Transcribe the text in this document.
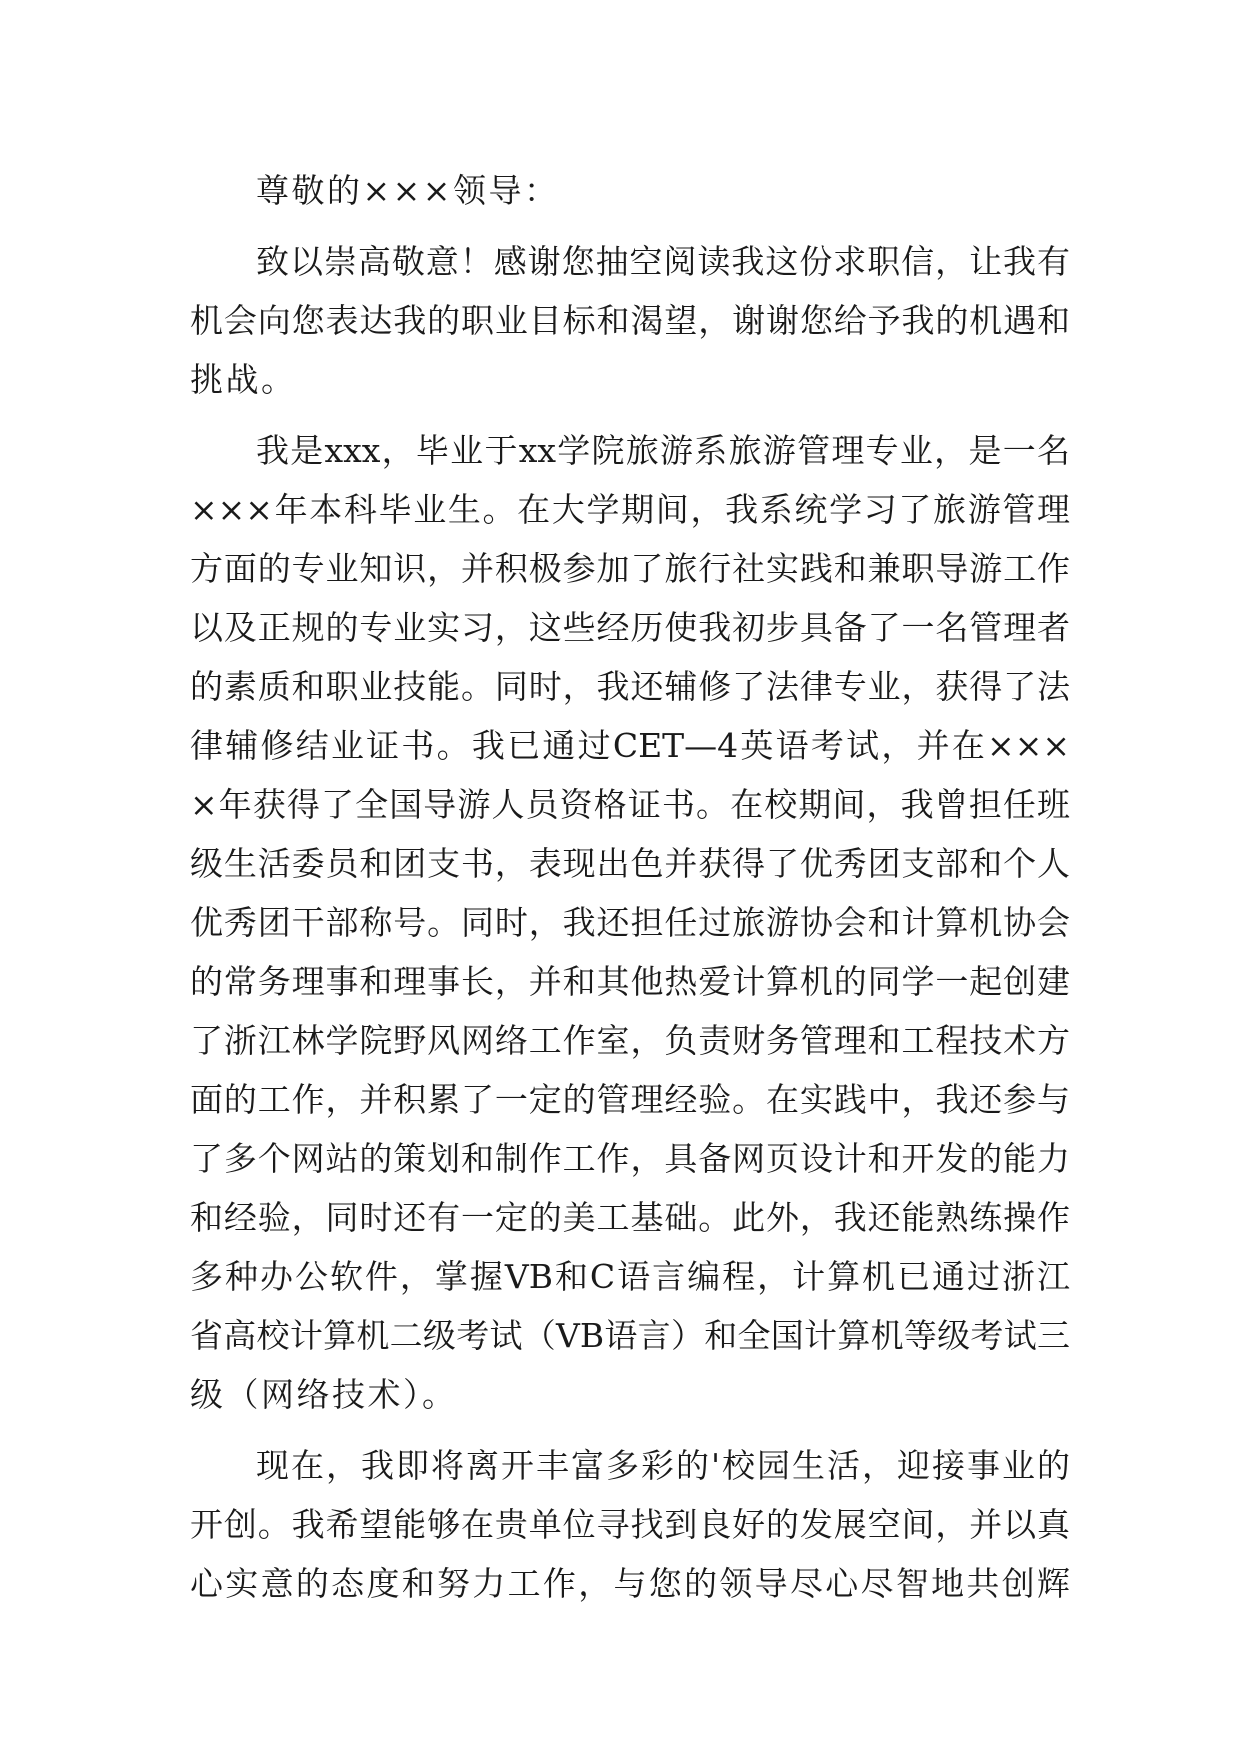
尊敬的×××领导：
致以崇高敬意！感谢您抽空阅读我这份求职信，让我有
机会向您表达我的职业目标和渴望，谢谢您给予我的机遇和
挑战。
我是xxx，毕业于xx学院旅游系旅游管理专业，是一名
×××年本科毕业生。在大学期间，我系统学习了旅游管理
方面的专业知识，并积极参加了旅行社实践和兼职导游工作
以及正规的专业实习，这些经历使我初步具备了一名管理者
的素质和职业技能。同时，我还辅修了法律专业，获得了法
律辅修结业证书。我已通过CET—4英语考试，并在×××
×年获得了全国导游人员资格证书。在校期间，我曾担任班
级生活委员和团支书，表现出色并获得了优秀团支部和个人
优秀团干部称号。同时，我还担任过旅游协会和计算机协会
的常务理事和理事长，并和其他热爱计算机的同学一起创建
了浙江林学院野风网络工作室，负责财务管理和工程技术方
面的工作，并积累了一定的管理经验。在实践中，我还参与
了多个网站的策划和制作工作，具备网页设计和开发的能力
和经验，同时还有一定的美工基础。此外，我还能熟练操作
多种办公软件，掌握VB和C语言编程，计算机已通过浙江
省高校计算机二级考试（VB语言）和全国计算机等级考试三
级（网络技术）。
现在，我即将离开丰富多彩的'校园生活，迎接事业的
开创。我希望能够在贵单位寻找到良好的发展空间，并以真
心实意的态度和努力工作，与您的领导尽心尽智地共创辉
